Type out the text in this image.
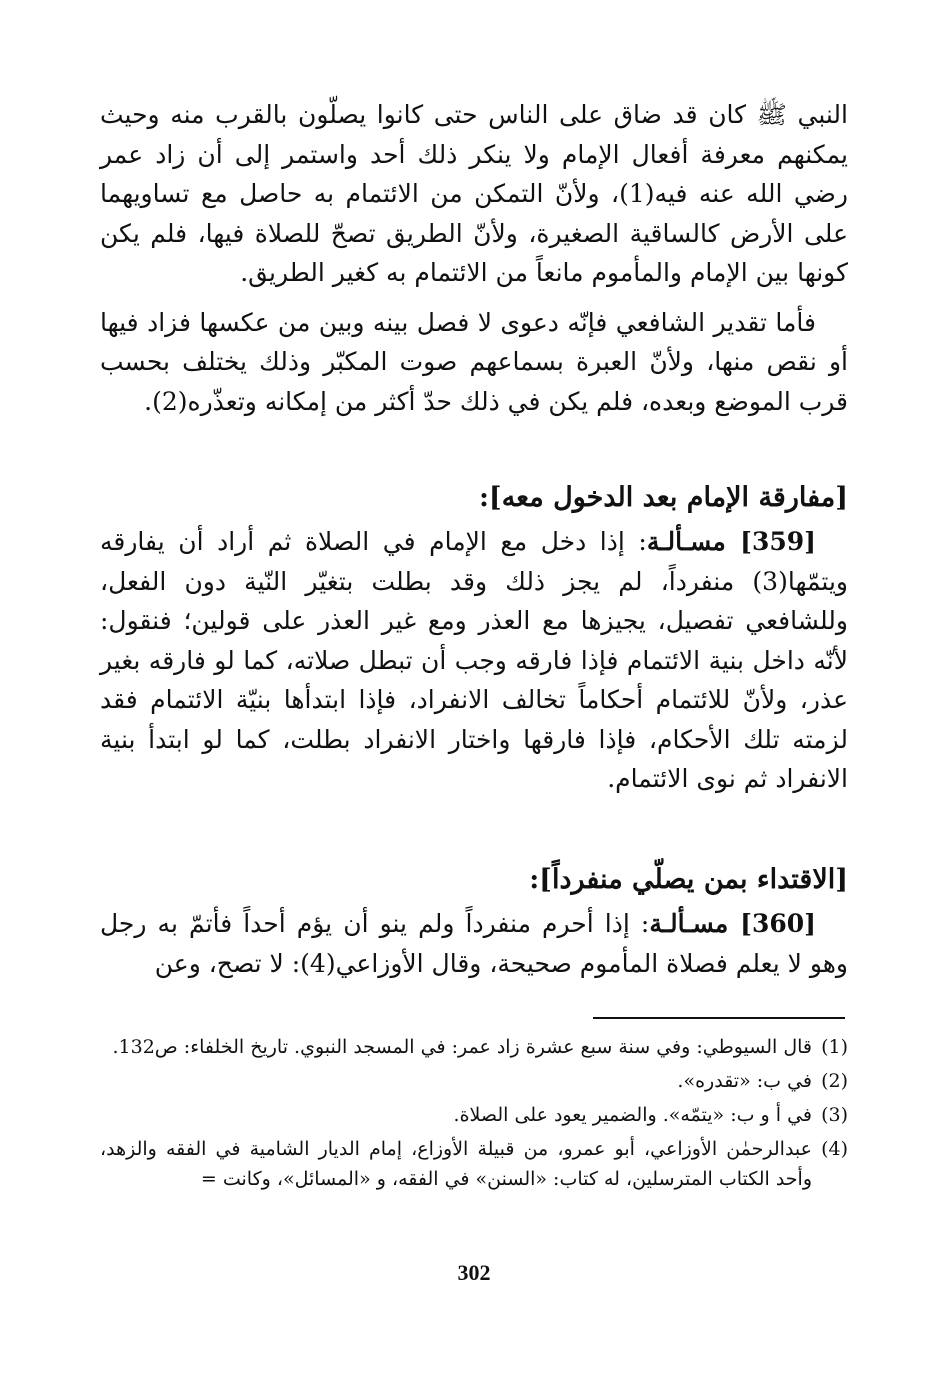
النبي ﷺ كان قد ضاق على الناس حتى كانوا يصلّون بالقرب منه وحيث يمكنهم معرفة أفعال الإمام ولا ينكر ذلك أحد واستمر إلى أن زاد عمر رضي الله عنه فيه(1)، ولأنّ التمكن من الائتمام به حاصل مع تساويهما على الأرض كالساقية الصغيرة، ولأنّ الطريق تصحّ للصلاة فيها، فلم يكن كونها بين الإمام والمأموم مانعاً من الائتمام به كغير الطريق.

فأما تقدير الشافعي فإنّه دعوى لا فصل بينه وبين من عكسها فزاد فيها أو نقص منها، ولأنّ العبرة بسماعهم صوت المكبّر وذلك يختلف بحسب قرب الموضع وبعده، فلم يكن في ذلك حدّ أكثر من إمكانه وتعذّره(2).

[مفارقة الإمام بعد الدخول معه]:

[359] مسـألـة: إذا دخل مع الإمام في الصلاة ثم أراد أن يفارقه ويتمّها(3) منفرداً، لم يجز ذلك وقد بطلت بتغيّر النّية دون الفعل، وللشافعي تفصيل، يجيزها مع العذر ومع غير العذر على قولين؛ فنقول: لأنّه داخل بنية الائتمام فإذا فارقه وجب أن تبطل صلاته، كما لو فارقه بغير عذر، ولأنّ للائتمام أحكاماً تخالف الانفراد، فإذا ابتدأها بنيّة الائتمام فقد لزمته تلك الأحكام، فإذا فارقها واختار الانفراد بطلت، كما لو ابتدأ بنية الانفراد ثم نوى الائتمام.

[الاقتداء بمن يصلّي منفرداً]:

[360] مسـألـة: إذا أحرم منفرداً ولم ينو أن يؤم أحداً فأتمّ به رجل وهو لا يعلم فصلاة المأموم صحيحة، وقال الأوزاعي(4): لا تصح، وعن

(1)
قال السيوطي: وفي سنة سبع عشرة زاد عمر: في المسجد النبوي. تاريخ الخلفاء: ص132.
(2)
في ب: «تقدره».
(3)
في أ و ب: «يتمّه». والضمير يعود على الصلاة.
(4)
عبدالرحمٰن الأوزاعي، أبو عمرو، من قبيلة الأوزاع، إمام الديار الشامية في الفقه والزهد، وأحد الكتاب المترسلين، له كتاب: «السنن» في الفقه، و «المسائل»، وكانت =
302
